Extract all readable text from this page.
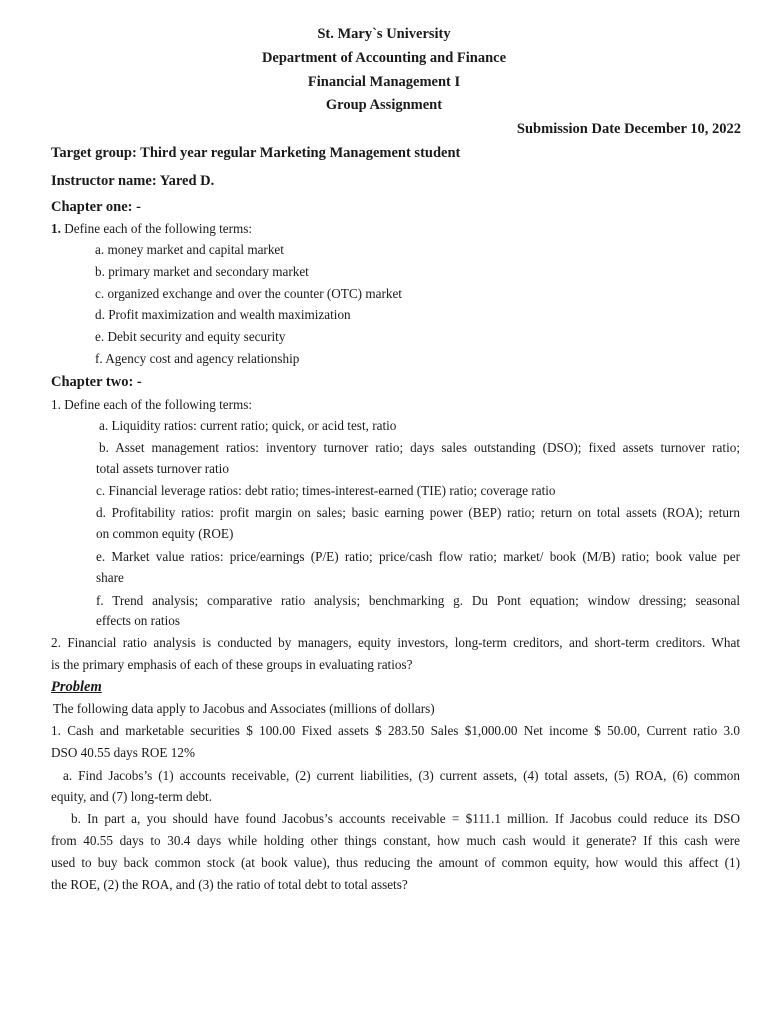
St. Mary`s University
Department of Accounting and Finance
Financial Management I
Group Assignment
Submission Date December 10, 2022
Target group: Third year regular Marketing Management student
Instructor name: Yared D.
Chapter one: -
1. Define each of the following terms:
a. money market and capital market
b. primary market and secondary market
c. organized exchange and over the counter (OTC) market
d. Profit maximization and wealth maximization
e. Debit security and equity security
f. Agency cost and agency relationship
Chapter two: -
1. Define each of the following terms:
a. Liquidity ratios: current ratio; quick, or acid test, ratio
b. Asset management ratios: inventory turnover ratio; days sales outstanding (DSO); fixed assets turnover ratio;
total assets turnover ratio
c. Financial leverage ratios: debt ratio; times-interest-earned (TIE) ratio; coverage ratio
d. Profitability ratios: profit margin on sales; basic earning power (BEP) ratio; return on total assets (ROA); return
on common equity (ROE)
e. Market value ratios: price/earnings (P/E) ratio; price/cash flow ratio; market/ book (M/B) ratio; book value per
share
f. Trend analysis; comparative ratio analysis; benchmarking g. Du Pont equation; window dressing; seasonal
effects on ratios
2. Financial ratio analysis is conducted by managers, equity investors, long-term creditors, and short-term creditors. What
is the primary emphasis of each of these groups in evaluating ratios?
Problem
The following data apply to Jacobus and Associates (millions of dollars)
1. Cash and marketable securities $ 100.00 Fixed assets $ 283.50 Sales $1,000.00 Net income $ 50.00, Current ratio 3.0
DSO 40.55 days ROE 12%
a. Find Jacobs’s (1) accounts receivable, (2) current liabilities, (3) current assets, (4) total assets, (5) ROA, (6) common
equity, and (7) long-term debt.
b. In part a, you should have found Jacobus’s accounts receivable = $111.1 million. If Jacobus could reduce its DSO
from 40.55 days to 30.4 days while holding other things constant, how much cash would it generate? If this cash were
used to buy back common stock (at book value), thus reducing the amount of common equity, how would this affect (1)
the ROE, (2) the ROA, and (3) the ratio of total debt to total assets?
